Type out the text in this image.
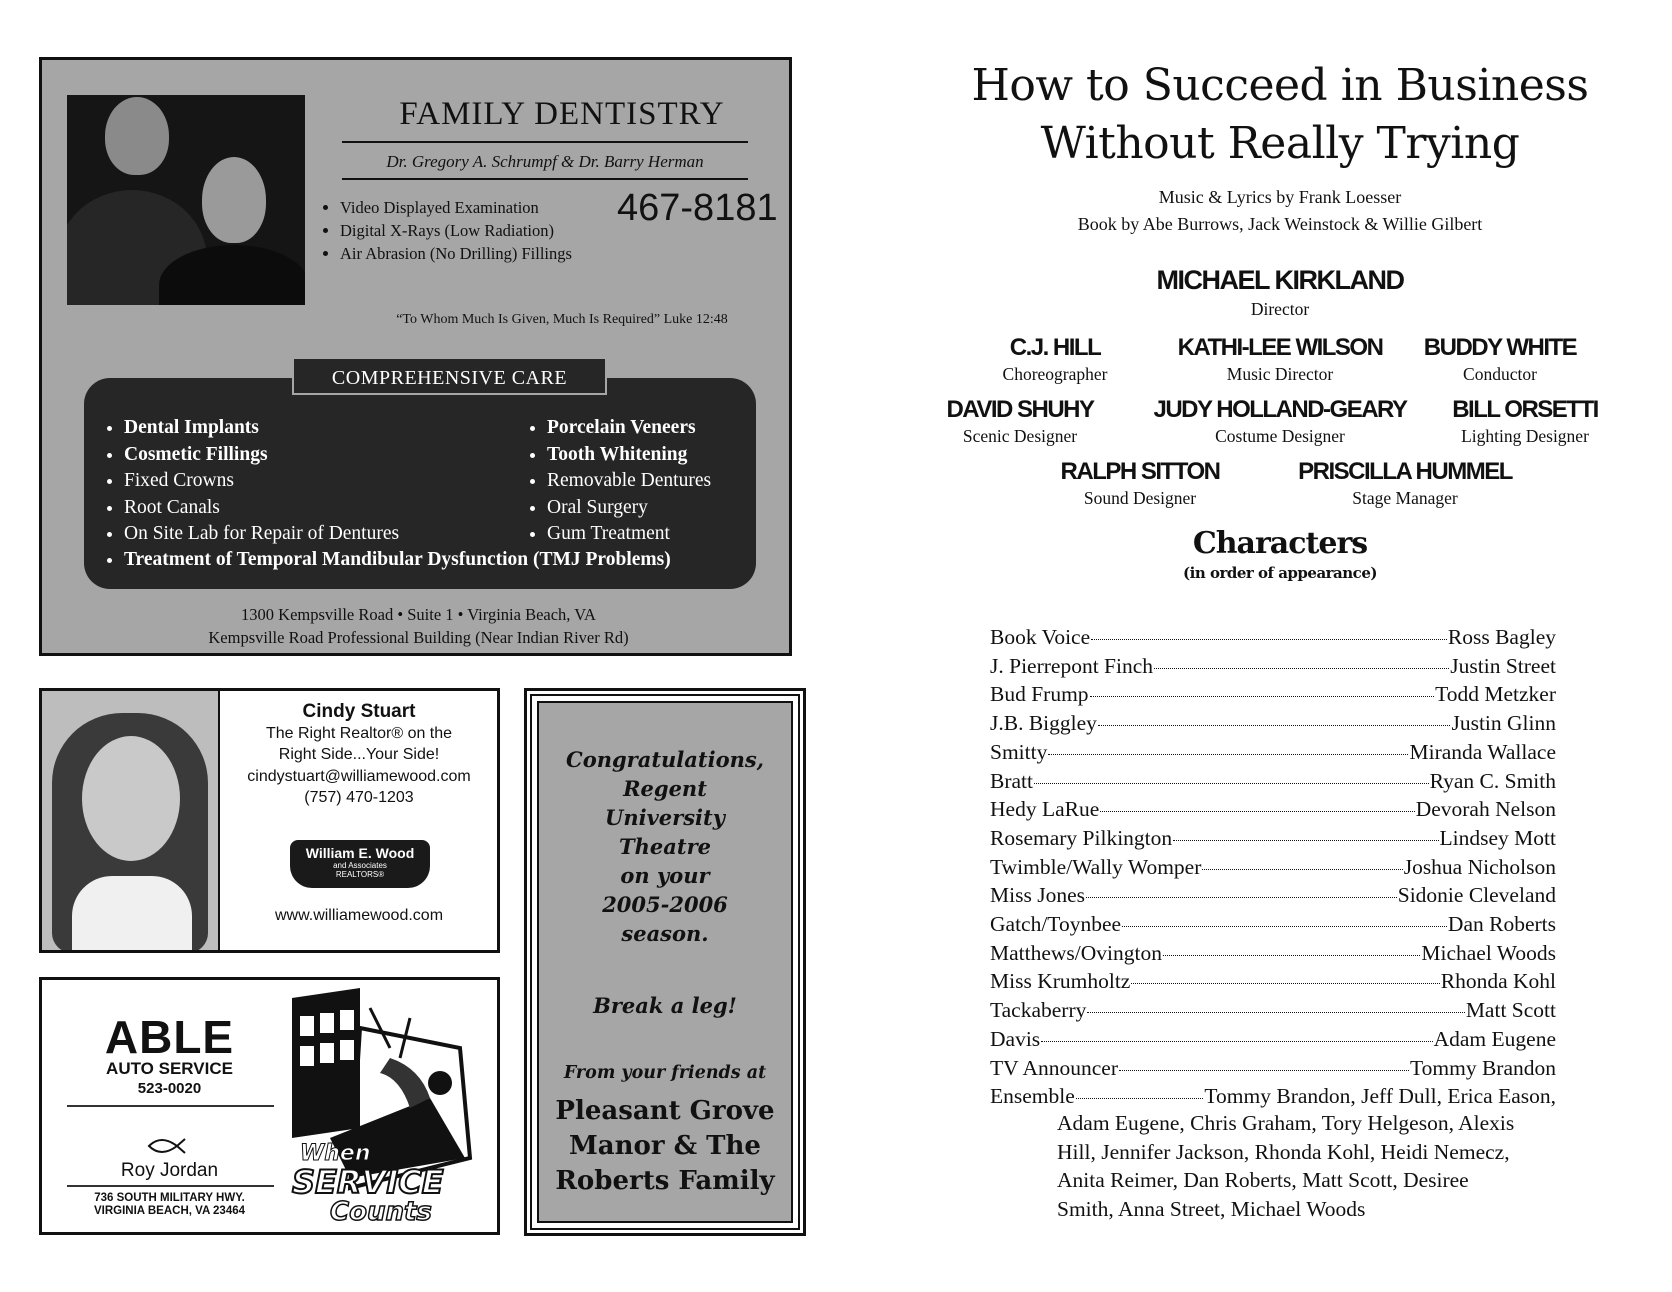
FAMILY DENTISTRY
Dr. Gregory A. Schrumpf & Dr. Barry Herman
• Video Displayed Examination
• Digital X-Rays (Low Radiation)
• Air Abrasion (No Drilling) Fillings
467-8181
“To Whom Much Is Given, Much Is Required” Luke 12:48
• Dental Implants
• Cosmetic Fillings
• Fixed Crowns
• Root Canals
• On Site Lab for Repair of Dentures
• Porcelain Veneers
• Tooth Whitening
• Removable Dentures
• Oral Surgery
• Gum Treatment
• Treatment of Temporal Mandibular Dysfunction (TMJ Problems)
COMPREHENSIVE CARE
1300 Kempsville Road • Suite 1 • Virginia Beach, VA
Kempsville Road Professional Building (Near Indian River Rd)
Cindy Stuart
The Right Realtor® on the
Right Side...Your Side!
cindystuart@williamewood.com
(757) 470-1203
William E. Wood
and Associates
REALTORS®
www.williamewood.com
ABLE
AUTO SERVICE
523-0020
Roy Jordan
736 SOUTH MILITARY HWY.
VIRGINIA BEACH, VA 23464
When
SERVICE
Counts
Congratulations,
Regent
University
Theatre
on your
2005-2006
season.
Break a leg!
From your friends at
Pleasant Grove
Manor & The
Roberts Family
How to Succeed in Business
Without Really Trying
Music & Lyrics by Frank Loesser
Book by Abe Burrows, Jack Weinstock & Willie Gilbert
MICHAEL KIRKLAND
Director
C.J. HILL
Choreographer
KATHI-LEE WILSON
Music Director
BUDDY WHITE
Conductor
DAVID SHUHY
Scenic Designer
JUDY HOLLAND-GEARY
Costume Designer
BILL ORSETTI
Lighting Designer
RALPH SITTON
Sound Designer
PRISCILLA HUMMEL
Stage Manager
Characters
(in order of appearance)
Book Voice	Ross Bagley
J. Pierrepont Finch	Justin Street
Bud Frump	Todd Metzker
J.B. Biggley	Justin Glinn
Smitty	Miranda Wallace
Bratt	Ryan C. Smith
Hedy LaRue	Devorah Nelson
Rosemary Pilkington	Lindsey Mott
Twimble/Wally Womper	Joshua Nicholson
Miss Jones	Sidonie Cleveland
Gatch/Toynbee	Dan Roberts
Matthews/Ovington	Michael Woods
Miss Krumholtz	Rhonda Kohl
Tackaberry	Matt Scott
Davis	Adam Eugene
TV Announcer	Tommy Brandon
Ensemble	Tommy Brandon, Jeff Dull, Erica Eason,
Adam Eugene, Chris Graham, Tory Helgeson, Alexis
Hill, Jennifer Jackson, Rhonda Kohl, Heidi Nemecz,
Anita Reimer, Dan Roberts, Matt Scott, Desiree
Smith, Anna Street, Michael Woods
